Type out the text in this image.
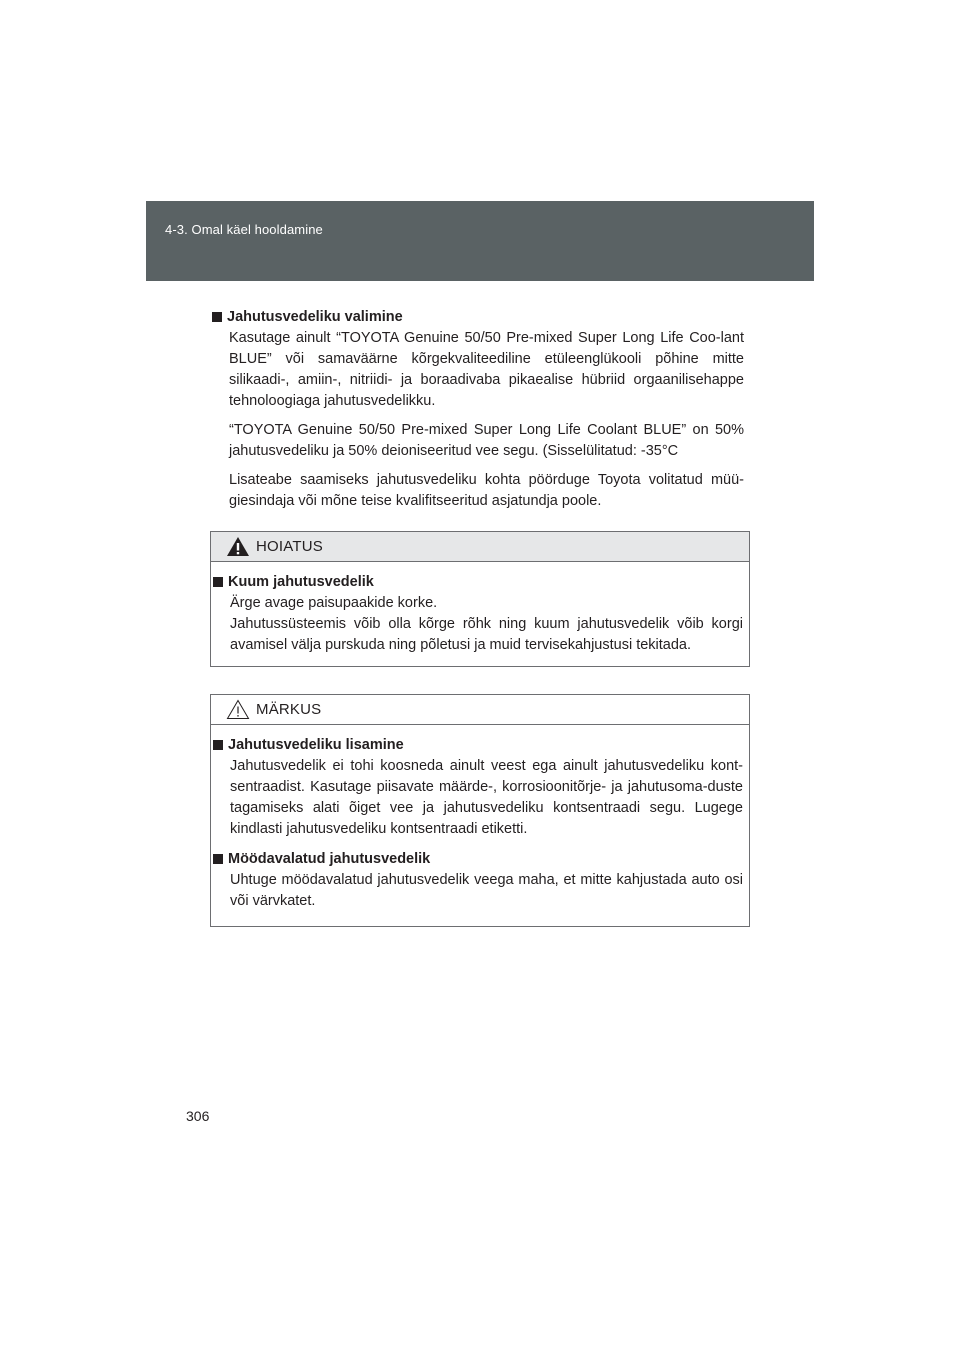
4-3. Omal käel hooldamine
Jahutusvedeliku valimine

Kasutage ainult “TOYOTA Genuine 50/50 Pre-mixed Super Long Life Coo-lant BLUE” või samaväärne kõrgekvaliteediline etüleenglükooli põhine mitte silikaadi-, amiin-, nitriidi- ja boraadivaba pikaealise hübriid orgaanilisehappe tehnoloogiaga jahutusvedelikku.

“TOYOTA Genuine 50/50 Pre-mixed Super Long Life Coolant BLUE” on 50% jahutusvedeliku ja 50% deioniseeritud vee segu. (Sisselülitatud: -35°C

Lisateabe saamiseks jahutusvedeliku kohta pöörduge Toyota volitatud müü-giesindaja või mõne teise kvalifitseeritud asjatundja poole.

HOIATUS
Kuum jahutusvedelik

Ärge avage paisupaakide korke.
Jahutussüsteemis võib olla kõrge rõhk ning kuum jahutusvedelik võib korgi avamisel välja purskuda ning põletusi ja muid tervisekahjustusi tekitada.

MÄRKUS
Jahutusvedeliku lisamine

Jahutusvedelik ei tohi koosneda ainult veest ega ainult jahutusvedeliku kont-sentraadist. Kasutage piisavate määrde-, korrosioonitõrje- ja jahutusoma-duste tagamiseks alati õiget vee ja jahutusvedeliku kontsentraadi segu. Lugege kindlasti jahutusvedeliku kontsentraadi etiketti.

Möödavalatud jahutusvedelik

Uhtuge möödavalatud jahutusvedelik veega maha, et mitte kahjustada auto osi või värvkatet.

306
